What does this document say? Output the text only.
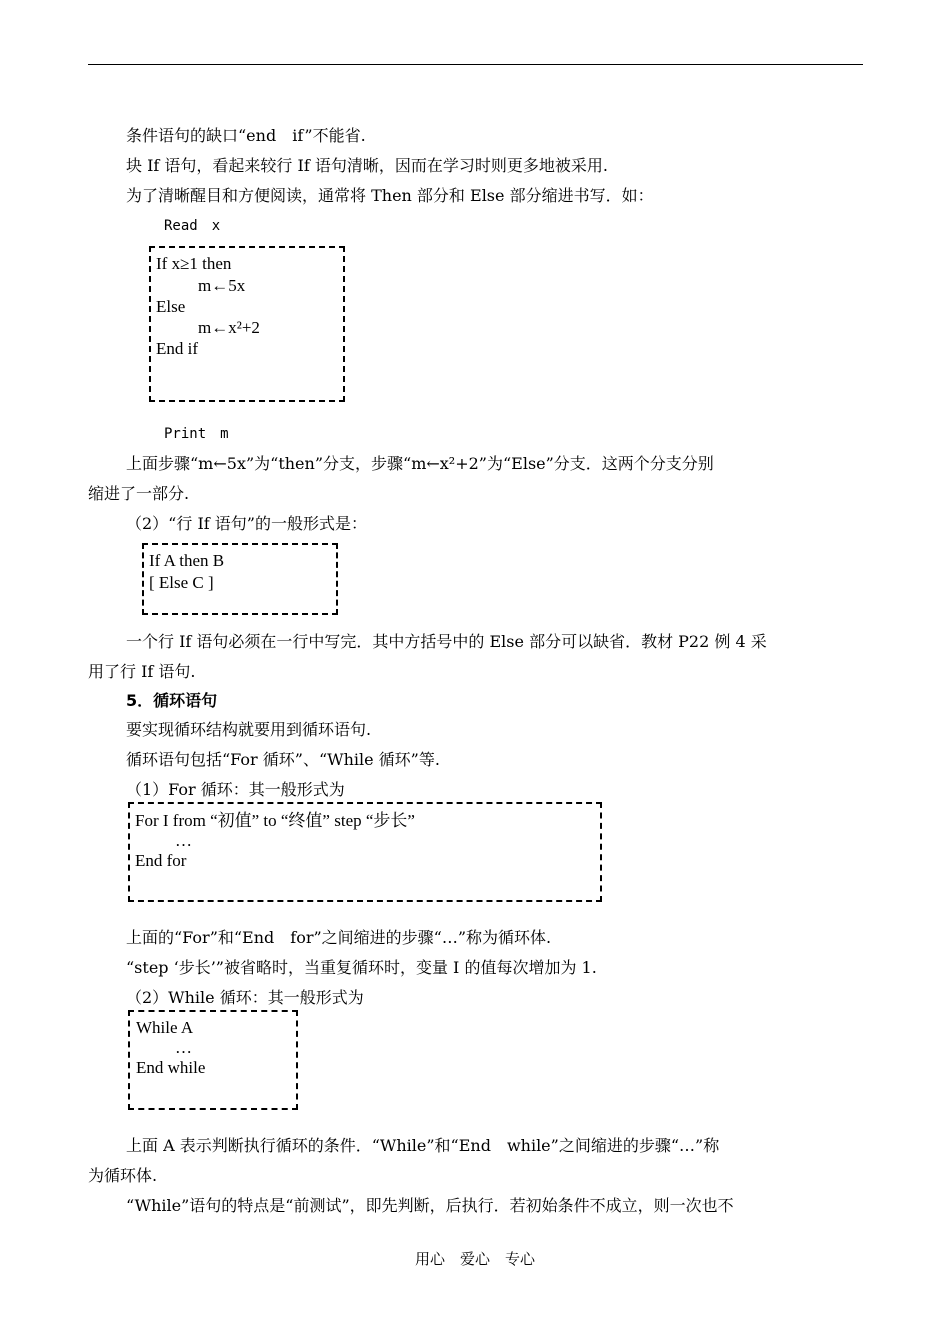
条件语句的缺口“end　if”不能省.
块 If 语句，看起来较行 If 语句清晰，因而在学习时则更多地被采用.
为了清晰醒目和方便阅读，通常将 Then 部分和 Else 部分缩进书写．如：
Read　x
If x≥1 then
m←5x
Else
m←x²+2
End if
Print　m
上面步骤“m←5x”为“then”分支，步骤“m←x²+2”为“Else”分支．这两个分支分别
缩进了一部分.
（2）“行 If 语句”的一般形式是：
If A then B
[ Else C ]
一个行 If 语句必须在一行中写完．其中方括号中的 Else 部分可以缺省．教材 P22 例 4 采
用了行 If 语句.
5．循环语句
要实现循环结构就要用到循环语句.
循环语句包括“For 循环”、“While 循环”等.
（1）For 循环：其一般形式为
For I from “初值” to “终值” step “步长”
…
End for
上面的“For”和“End　for”之间缩进的步骤“…”称为循环体.
“step ‘步长’”被省略时，当重复循环时，变量 I 的值每次增加为 1.
（2）While 循环：其一般形式为
While A
…
End while
上面 A 表示判断执行循环的条件．“While”和“End　while”之间缩进的步骤“…”称
为循环体.
“While”语句的特点是“前测试”，即先判断，后执行．若初始条件不成立，则一次也不
用心　爱心　专心
